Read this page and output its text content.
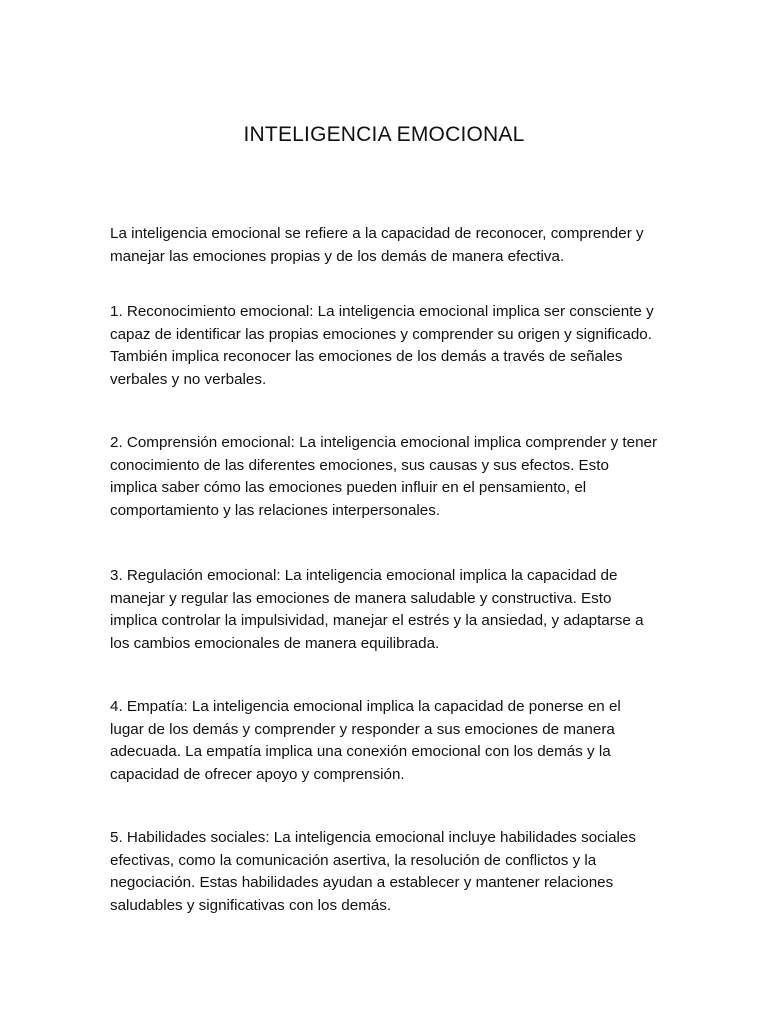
INTELIGENCIA EMOCIONAL

La inteligencia emocional se refiere a la capacidad de reconocer, comprender y manejar las emociones propias y de los demás de manera efectiva.

1. Reconocimiento emocional: La inteligencia emocional implica ser consciente y capaz de identificar las propias emociones y comprender su origen y significado. También implica reconocer las emociones de los demás a través de señales verbales y no verbales.

2. Comprensión emocional: La inteligencia emocional implica comprender y tener conocimiento de las diferentes emociones, sus causas y sus efectos. Esto implica saber cómo las emociones pueden influir en el pensamiento, el comportamiento y las relaciones interpersonales.

3. Regulación emocional: La inteligencia emocional implica la capacidad de manejar y regular las emociones de manera saludable y constructiva. Esto implica controlar la impulsividad, manejar el estrés y la ansiedad, y adaptarse a los cambios emocionales de manera equilibrada.

4. Empatía: La inteligencia emocional implica la capacidad de ponerse en el lugar de los demás y comprender y responder a sus emociones de manera adecuada. La empatía implica una conexión emocional con los demás y la capacidad de ofrecer apoyo y comprensión.

5. Habilidades sociales: La inteligencia emocional incluye habilidades sociales efectivas, como la comunicación asertiva, la resolución de conflictos y la negociación. Estas habilidades ayudan a establecer y mantener relaciones saludables y significativas con los demás.
